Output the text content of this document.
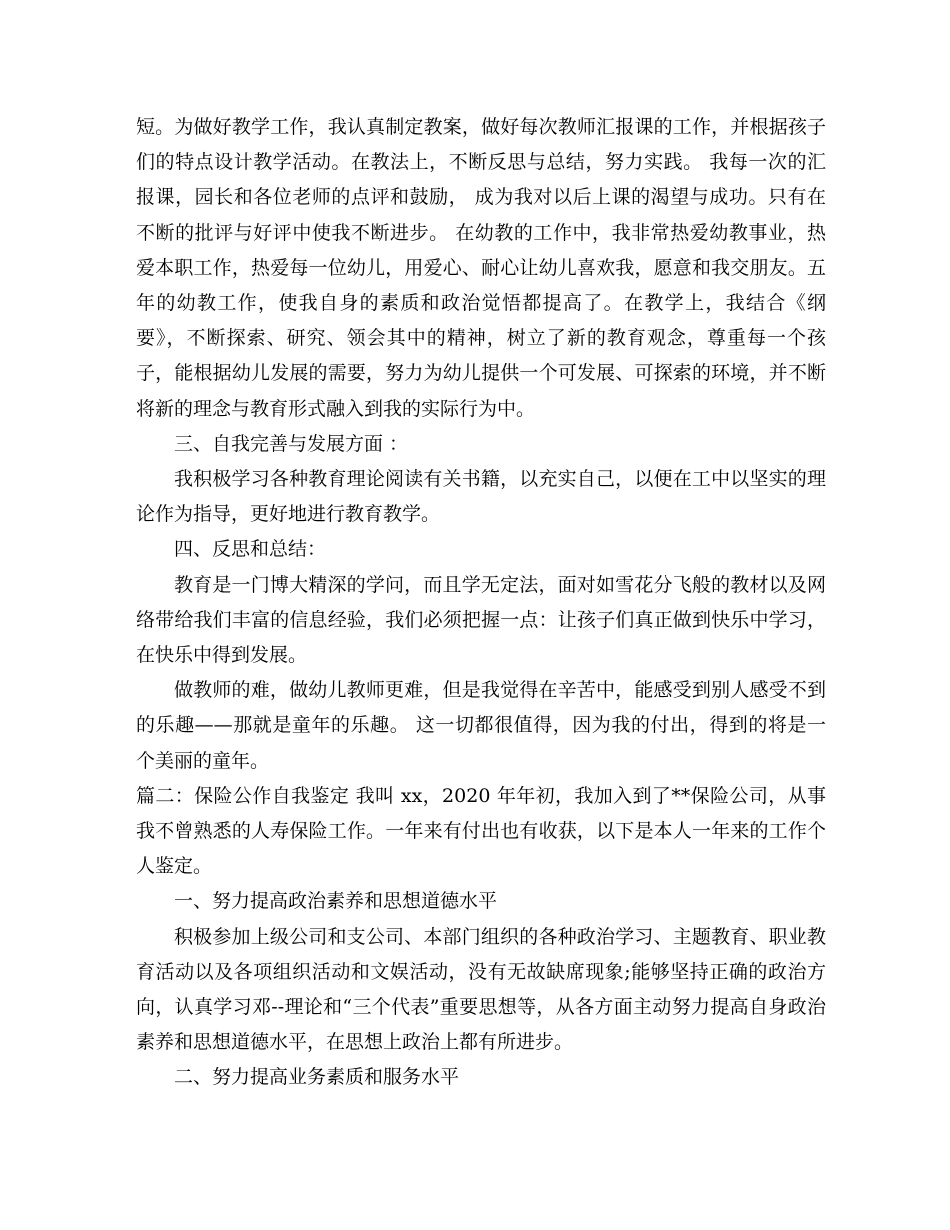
短。为做好教学工作，我认真制定教案，做好每次教师汇报课的工作，并根据孩子们的特点设计教学活动。在教法上，不断反思与总结，努力实践。 我每一次的汇报课，园长和各位老师的点评和鼓励， 成为我对以后上课的渴望与成功。只有在不断的批评与好评中使我不断进步。 在幼教的工作中，我非常热爱幼教事业，热爱本职工作，热爱每一位幼儿，用爱心、耐心让幼儿喜欢我，愿意和我交朋友。五年的幼教工作，使我自身的素质和政治觉悟都提高了。在教学上，我结合《纲要》，不断探索、研究、领会其中的精神，树立了新的教育观念，尊重每一个孩子，能根据幼儿发展的需要，努力为幼儿提供一个可发展、可探索的环境，并不断将新的理念与教育形式融入到我的实际行为中。

三、自我完善与发展方面 ：

我积极学习各种教育理论阅读有关书籍，以充实自己，以便在工中以坚实的理论作为指导，更好地进行教育教学。

四、反思和总结：

教育是一门博大精深的学问，而且学无定法，面对如雪花分飞般的教材以及网络带给我们丰富的信息经验，我们必须把握一点：让孩子们真正做到快乐中学习，在快乐中得到发展。

做教师的难，做幼儿教师更难，但是我觉得在辛苦中，能感受到别人感受不到的乐趣——那就是童年的乐趣。 这一切都很值得，因为我的付出，得到的将是一个美丽的童年。

篇二：保险公作自我鉴定 我叫 xx，2020 年年初，我加入到了**保险公司，从事我不曾熟悉的人寿保险工作。一年来有付出也有收获，以下是本人一年来的工作个人鉴定。

一、努力提高政治素养和思想道德水平

积极参加上级公司和支公司、本部门组织的各种政治学习、主题教育、职业教育活动以及各项组织活动和文娱活动，没有无故缺席现象;能够坚持正确的政治方向，认真学习邓--理论和“三个代表”重要思想等，从各方面主动努力提高自身政治素养和思想道德水平，在思想上政治上都有所进步。

二、努力提高业务素质和服务水平
